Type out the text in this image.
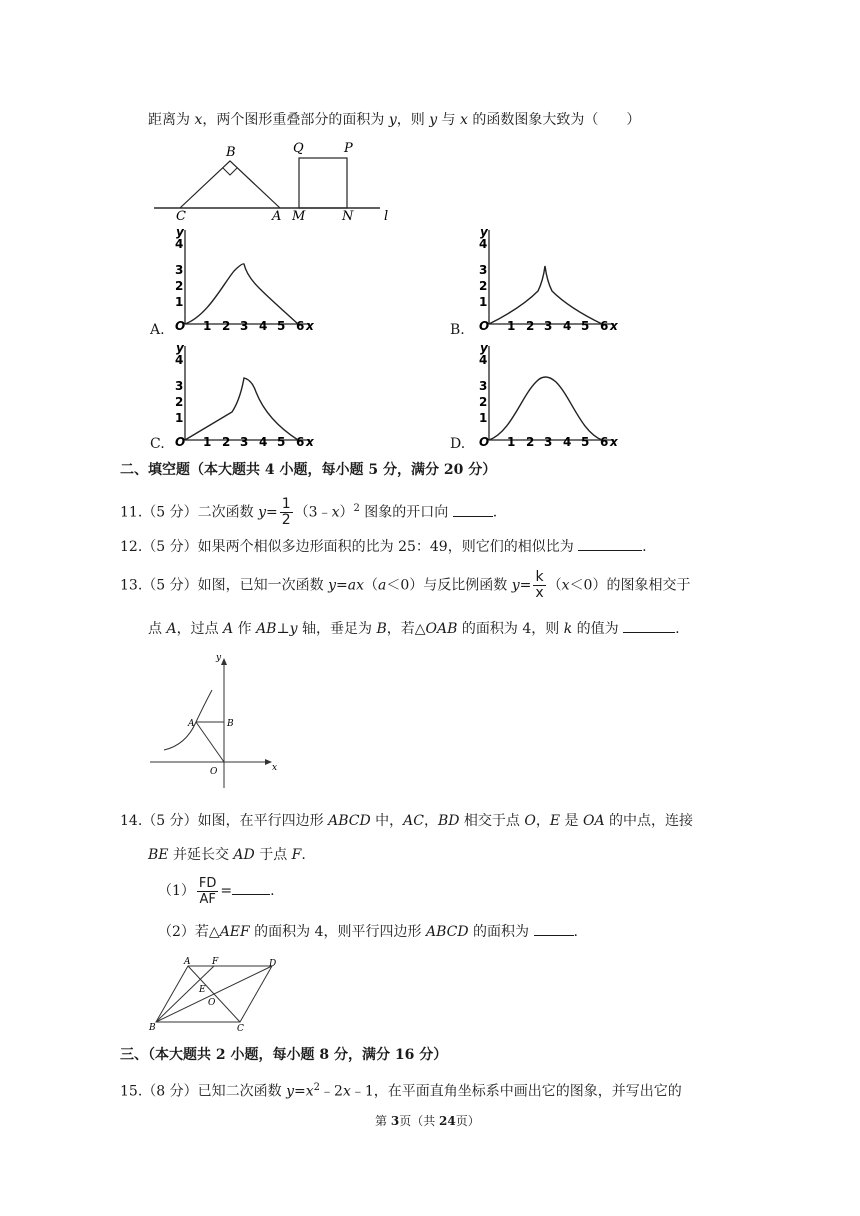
距离为 x，两个图形重叠部分的面积为 y，则 y 与 x 的函数图象大致为（　　）
B
C	A M	N
Q	P
l
1 2 3 4 5 6
1
2
3
4
y
x
O
A.	1 2 3 4 5 6
1
2
3
4
y
x
O
B.
1 2 3 4 5 6
1
2
3
4
y
x
O
C.	1 2 3 4 5 6
1
2
3
4
y
x
O
D.
二、填空题（本大题共 4 小题，每小题 5 分，满分 20 分）
11.（5 分）二次函数 $y= \frac{1}{2}$ （3﹣x）$^2$ 图象的开口向	.
12.（5 分）如果两个相似多边形面积的比为 25：49，则它们的相似比为	.
13.（5 分）如图，已知一次函数 y=ax（a＜0）与反比例函数 $y= \frac{k}{x} (x<0)$的图象相交于
点 A，过点 A 作 AB⊥y 轴，垂足为 B，若△OAB 的面积为 4，则 k 的值为	.
y
x
O
A	B
14.（5 分）如图，在平行四边形 ABCD 中，AC，BD 相交于点 O，E 是 OA 的中点，连接
BE 并延长交 AD 于点 F.
$(1) \frac{FD}{AF}$ =	.
（2）若△AEF 的面积为 4，则平行四边形 ABCD 的面积为	.
A F	D
E
O
B	C
三、（本大题共 2 小题，每小题 8 分，满分 16 分）
15.（8 分）已知二次函数 $y=x^2﹣2x﹣1$，在平面直角坐标系中画出它的图象，并写出它的
第 3页（共 24页）
